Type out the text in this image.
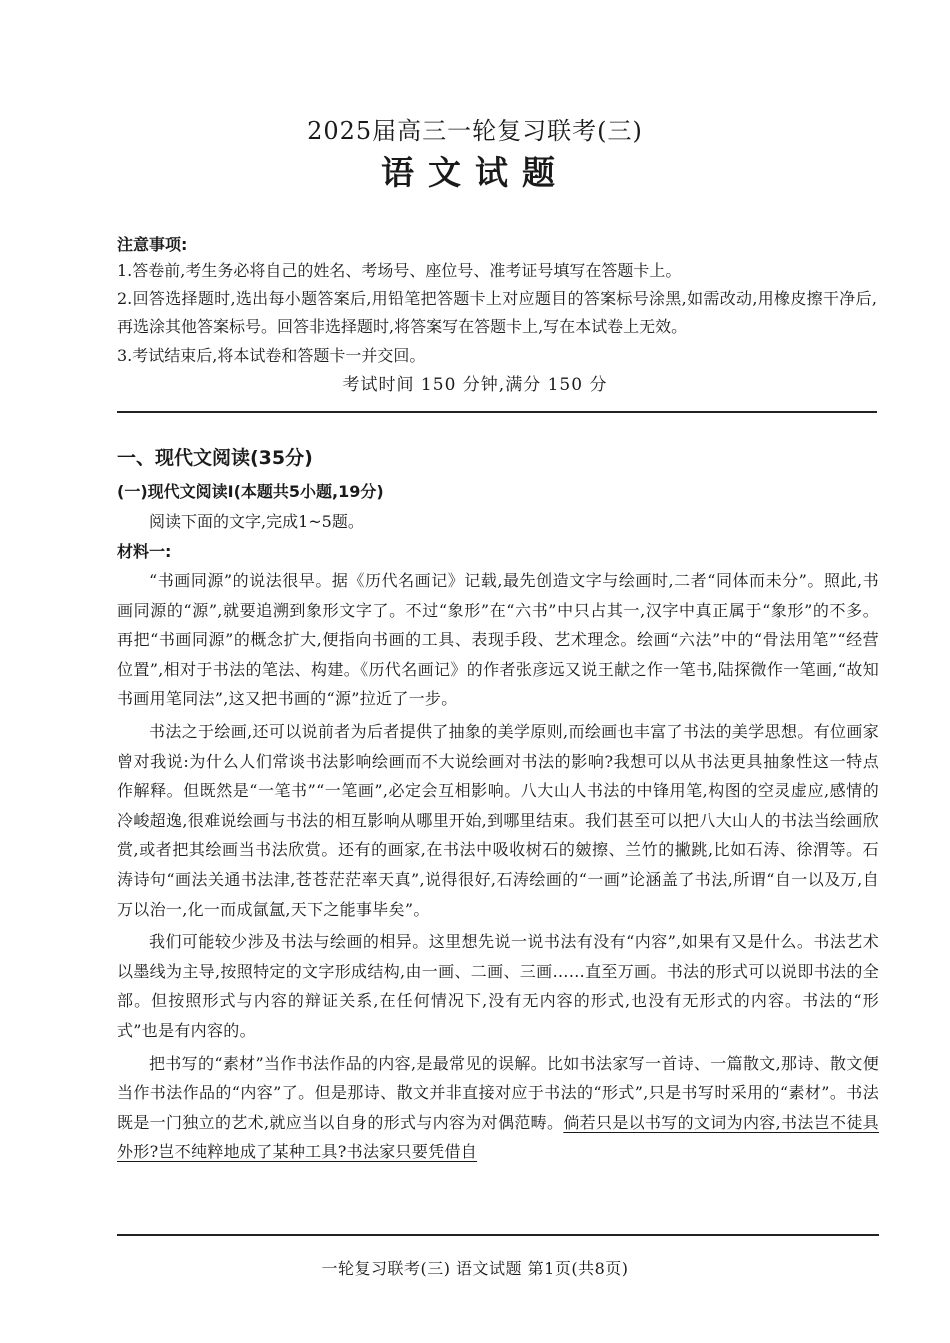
2025届高三一轮复习联考(三)
语文试题
注意事项:
1.答卷前,考生务必将自己的姓名、考场号、座位号、准考证号填写在答题卡上。
2.回答选择题时,选出每小题答案后,用铅笔把答题卡上对应题目的答案标号涂黑,如需改动,用橡皮擦干净后,再选涂其他答案标号。回答非选择题时,将答案写在答题卡上,写在本试卷上无效。
3.考试结束后,将本试卷和答题卡一并交回。
考试时间 150 分钟,满分 150 分
一、现代文阅读(35分)
(一)现代文阅读Ⅰ(本题共5小题,19分)
阅读下面的文字,完成1~5题。
材料一:

“书画同源”的说法很早。据《历代名画记》记载,最先创造文字与绘画时,二者“同体而未分”。照此,书画同源的“源”,就要追溯到象形文字了。不过“象形”在“六书”中只占其一,汉字中真正属于“象形”的不多。再把“书画同源”的概念扩大,便指向书画的工具、表现手段、艺术理念。绘画“六法”中的“骨法用笔”“经营位置”,相对于书法的笔法、构建。《历代名画记》的作者张彦远又说王献之作一笔书,陆探微作一笔画,“故知书画用笔同法”,这又把书画的“源”拉近了一步。

书法之于绘画,还可以说前者为后者提供了抽象的美学原则,而绘画也丰富了书法的美学思想。有位画家曾对我说:为什么人们常谈书法影响绘画而不大说绘画对书法的影响?我想可以从书法更具抽象性这一特点作解释。但既然是“一笔书”“一笔画”,必定会互相影响。八大山人书法的中锋用笔,构图的空灵虚应,感情的冷峻超逸,很难说绘画与书法的相互影响从哪里开始,到哪里结束。我们甚至可以把八大山人的书法当绘画欣赏,或者把其绘画当书法欣赏。还有的画家,在书法中吸收树石的皴擦、兰竹的撇跳,比如石涛、徐渭等。石涛诗句“画法关通书法津,苍苍茫茫率天真”,说得很好,石涛绘画的“一画”论涵盖了书法,所谓“自一以及万,自万以治一,化一而成氤氲,天下之能事毕矣”。

我们可能较少涉及书法与绘画的相异。这里想先说一说书法有没有“内容”,如果有又是什么。书法艺术以墨线为主导,按照特定的文字形成结构,由一画、二画、三画……直至万画。书法的形式可以说即书法的全部。但按照形式与内容的辩证关系,在任何情况下,没有无内容的形式,也没有无形式的内容。书法的“形式”也是有内容的。

把书写的“素材”当作书法作品的内容,是最常见的误解。比如书法家写一首诗、一篇散文,那诗、散文便当作书法作品的“内容”了。但是那诗、散文并非直接对应于书法的“形式”,只是书写时采用的“素材”。书法既是一门独立的艺术,就应当以自身的形式与内容为对偶范畴。倘若只是以书写的文词为内容,书法岂不徒具外形?岂不纯粹地成了某种工具?书法家只要凭借自

一轮复习联考(三) 语文试题 第1页(共8页)
